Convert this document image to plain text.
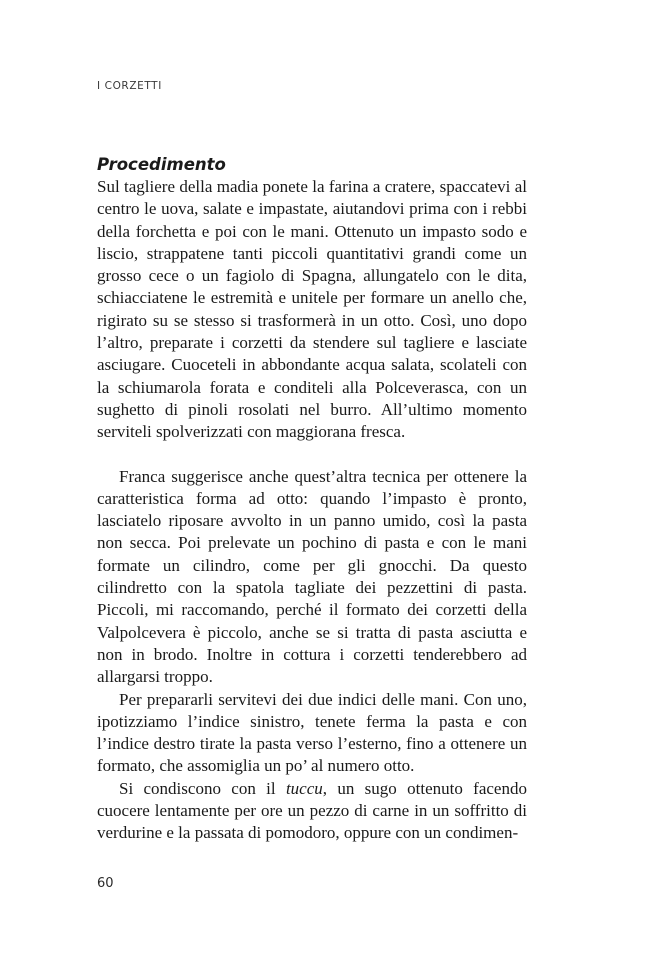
I CORZETTI
Procedimento

Sul tagliere della madia ponete la farina a cratere, spaccatevi al centro le uova, salate e impastate, aiutandovi prima con i rebbi della forchetta e poi con le mani. Ottenuto un impasto sodo e liscio, strappatene tanti piccoli quantitativi grandi come un grosso cece o un fagiolo di Spagna, allungatelo con le dita, schiacciatene le estremità e unitele per formare un anello che, rigirato su se stesso si trasformerà in un otto. Così, uno dopo l’altro, preparate i corzetti da stendere sul tagliere e lasciate asciugare. Cuoceteli in abbondante acqua salata, scolateli con la schiumarola forata e conditeli alla Polceverasca, con un sughetto di pinoli rosolati nel burro. All’ultimo momento serviteli spolverizzati con maggiorana fresca.

Franca suggerisce anche quest’altra tecnica per ottenere la caratteristica forma ad otto: quando l’impasto è pronto, lasciatelo riposare avvolto in un panno umido, così la pasta non secca. Poi prelevate un pochino di pasta e con le mani formate un cilindro, come per gli gnocchi. Da questo cilindretto con la spatola tagliate dei pezzettini di pasta. Piccoli, mi raccomando, perché il formato dei corzetti della Valpolcevera è piccolo, anche se si tratta di pasta asciutta e non in brodo. Inoltre in cottura i corzetti tenderebbero ad allargarsi troppo.

Per prepararli servitevi dei due indici delle mani. Con uno, ipotizziamo l’indice sinistro, tenete ferma la pasta e con l’indice destro tirate la pasta verso l’esterno, fino a ottenere un formato, che assomiglia un po’ al numero otto.

Si condiscono con il tuccu, un sugo ottenuto facendo cuocere lentamente per ore un pezzo di carne in un soffritto di verdurine e la passata di pomodoro, oppure con un condimen-

60
